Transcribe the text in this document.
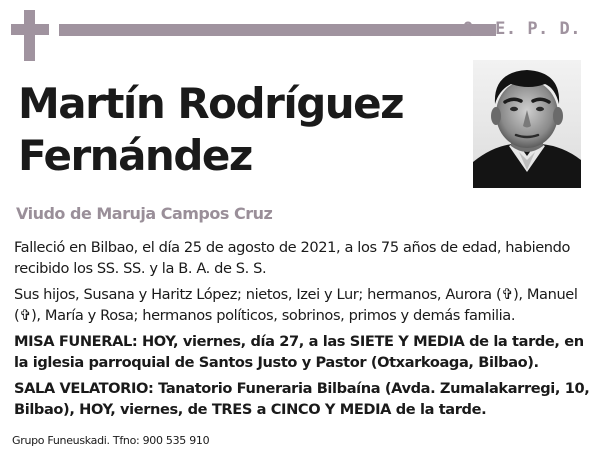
Q. E. P. D.
Martín Rodríguez
Fernández
Viudo de Maruja Campos Cruz

Falleció en Bilbao, el día 25 de agosto de 2021, a los 75 años de edad, habiendo recibido los SS. SS. y la B. A. de S. S.

Sus hijos, Susana y Haritz López; nietos, Izei y Lur; hermanos, Aurora (✞), Manuel (✞), María y Rosa; hermanos políticos, sobrinos, primos y demás familia.

MISA FUNERAL: HOY, viernes, día 27, a las SIETE Y MEDIA de la tarde, en la iglesia parroquial de Santos Justo y Pastor (Otxarkoaga, Bilbao).

SALA VELATORIO: Tanatorio Funeraria Bilbaína (Avda. Zumalakarregi, 10, Bilbao), HOY, viernes, de TRES a CINCO Y MEDIA de la tarde.

Grupo Funeuskadi. Tfno: 900 535 910
